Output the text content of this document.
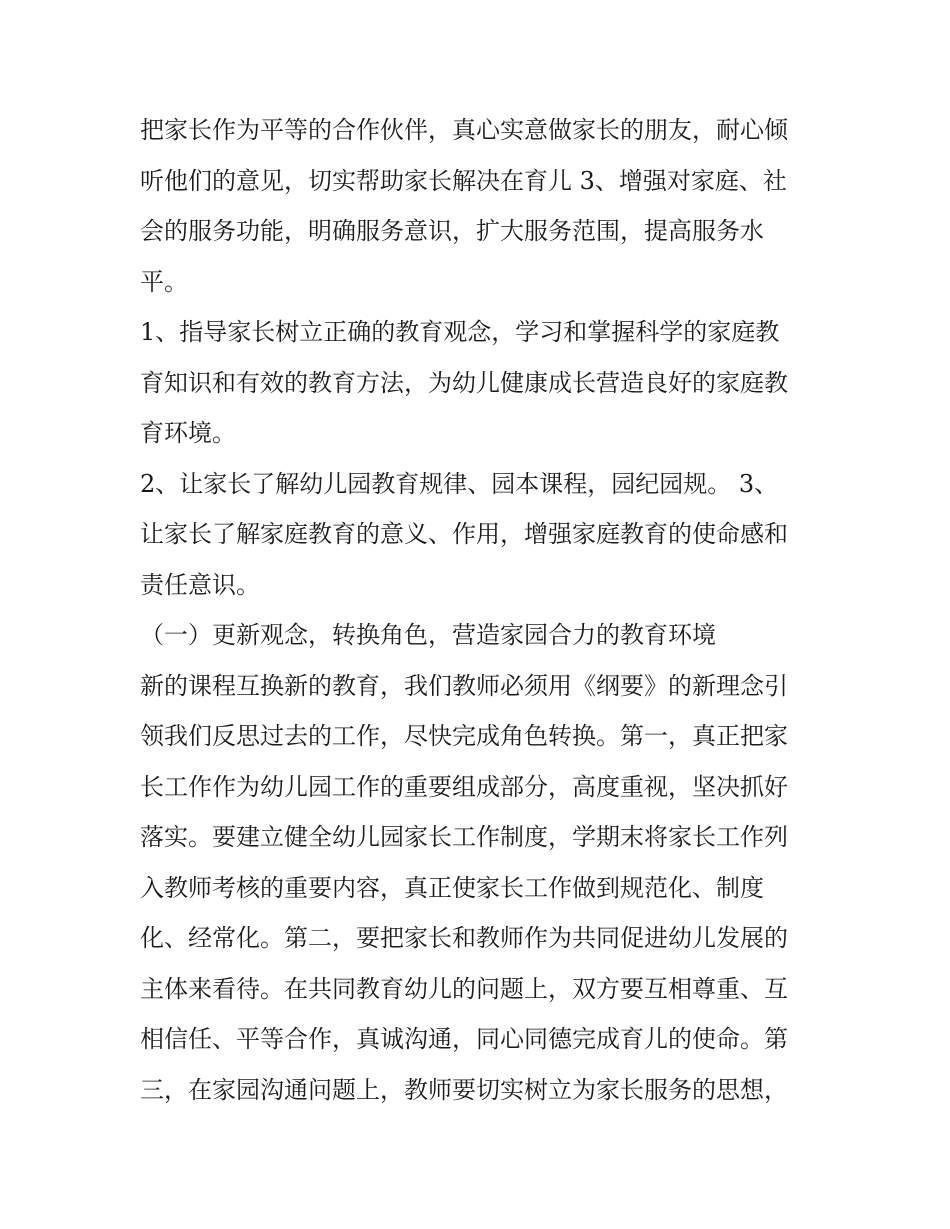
把家长作为平等的合作伙伴，真心实意做家长的朋友，耐心倾
听他们的意见，切实帮助家长解决在育儿 3、增强对家庭、社
会的服务功能，明确服务意识，扩大服务范围，提高服务水
平。
1、指导家长树立正确的教育观念，学习和掌握科学的家庭教
育知识和有效的教育方法，为幼儿健康成长营造良好的家庭教
育环境。
2、让家长了解幼儿园教育规律、园本课程，园纪园规。 3、
让家长了解家庭教育的意义、作用，增强家庭教育的使命感和
责任意识。
（一）更新观念，转换角色，营造家园合力的教育环境
新的课程互换新的教育，我们教师必须用《纲要》的新理念引
领我们反思过去的工作，尽快完成角色转换。第一，真正把家
长工作作为幼儿园工作的重要组成部分，高度重视，坚决抓好
落实。要建立健全幼儿园家长工作制度，学期末将家长工作列
入教师考核的重要内容，真正使家长工作做到规范化、制度
化、经常化。第二，要把家长和教师作为共同促进幼儿发展的
主体来看待。在共同教育幼儿的问题上，双方要互相尊重、互
相信任、平等合作，真诚沟通，同心同德完成育儿的使命。第
三，在家园沟通问题上，教师要切实树立为家长服务的思想，
